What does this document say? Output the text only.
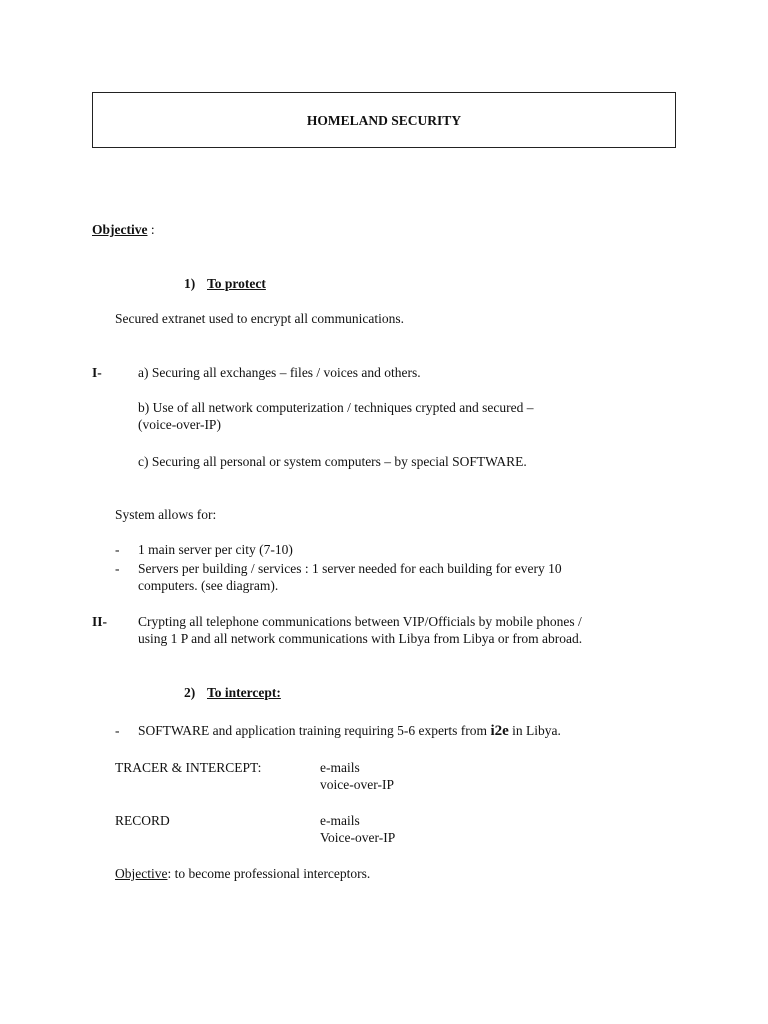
HOMELAND SECURITY
Objective :
1) To protect
Secured extranet used to encrypt all communications.
I-	a) Securing all exchanges – files / voices and others.
b) Use of all network computerization / techniques crypted and secured –
(voice-over-IP)
c) Securing all personal or system computers – by special SOFTWARE.
System allows for:
- 1 main server per city (7-10)
- Servers per building / services : 1 server needed for each building for every 10
computers. (see diagram).
II- Crypting all telephone communications between VIP/Officials by mobile phones /
using 1 P and all network communications with Libya from Libya or from abroad.
2) To intercept:
- SOFTWARE and application training requiring 5-6 experts from i2e in Libya.
TRACER & INTERCEPT:	e-mails
voice-over-IP
RECORD	e-mails
Voice-over-IP
Objective: to become professional interceptors.
